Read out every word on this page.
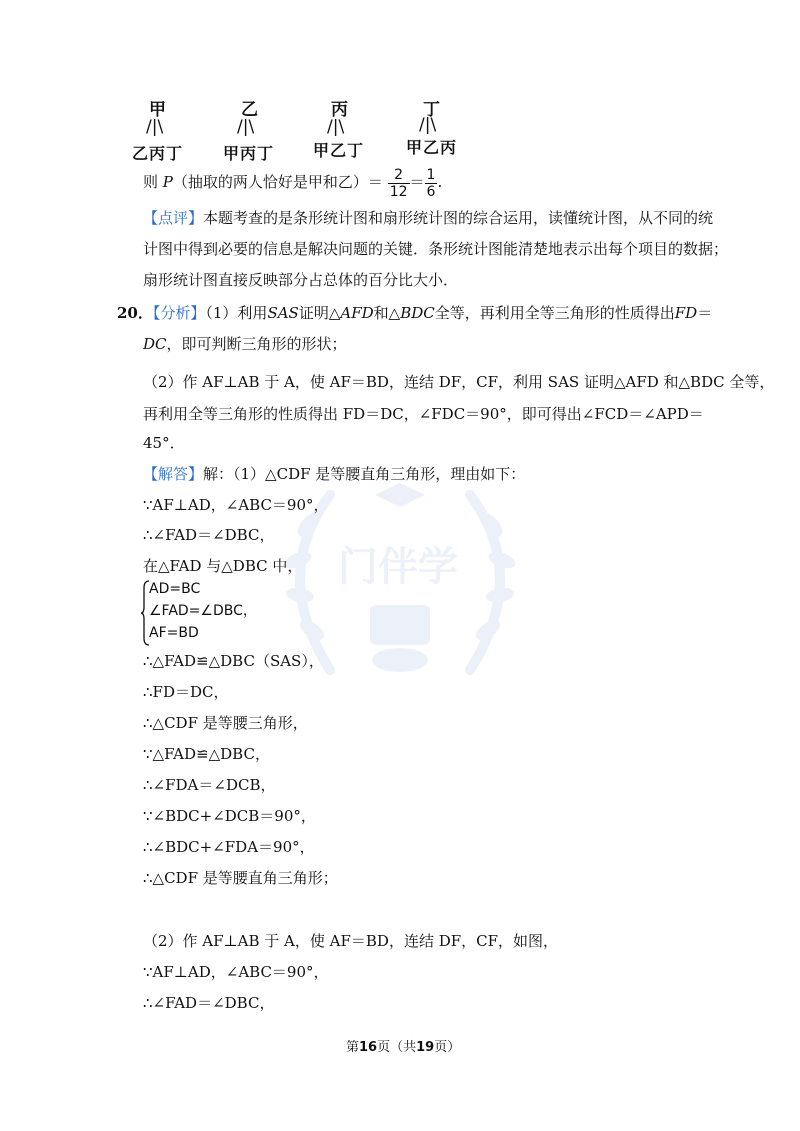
门伴学
甲
/|\
乙丙丁
乙
/|\
甲丙丁
丙
/|\
甲乙丁
丁
/|\
甲乙丙
则 P（抽取的两人恰好是甲和乙）＝ $\frac{2}{12} = \frac{1}{6}$ .
【点评】本题考查的是条形统计图和扇形统计图的综合运用，读懂统计图，从不同的统
计图中得到必要的信息是解决问题的关键．条形统计图能清楚地表示出每个项目的数据；
扇形统计图直接反映部分占总体的百分比大小．
20．【分析】（1）利用SAS证明△AFD和△BDC全等，再利用全等三角形的性质得出FD＝
DC，即可判断三角形的形状；
（2）作 AF⊥AB 于 A，使 AF＝BD，连结 DF，CF，利用 SAS 证明△AFD 和△BDC 全等，
再利用全等三角形的性质得出 FD＝DC，∠FDC＝90°，即可得出∠FCD＝∠APD＝
45°．
【解答】解：（1）△CDF 是等腰直角三角形，理由如下：
∵AF⊥AD，∠ABC＝90°，
∴∠FAD＝∠DBC，
在△FAD 与△DBC 中，
AD=BC
∠FAD=∠DBC，
AF=BD
∴△FAD≌△DBC（SAS），
∴FD＝DC，
∴△CDF 是等腰三角形，
∵△FAD≌△DBC，
∴∠FDA＝∠DCB，
∵∠BDC+∠DCB＝90°，
∴∠BDC+∠FDA＝90°，
∴△CDF 是等腰直角三角形；
（2）作 AF⊥AB 于 A，使 AF＝BD，连结 DF，CF，如图，
∵AF⊥AD，∠ABC＝90°，
∴∠FAD＝∠DBC，
第16页（共19页）
